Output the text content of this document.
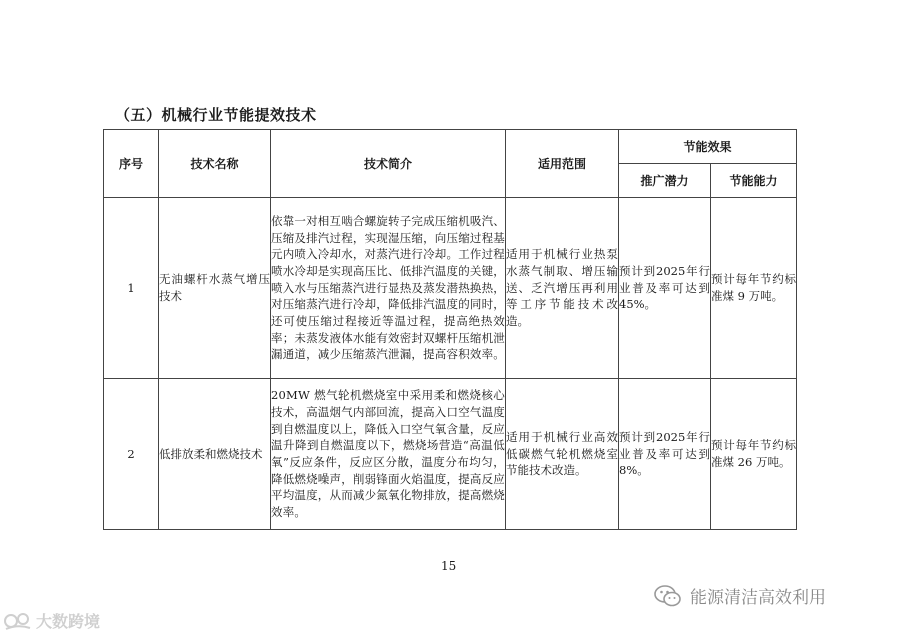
（五）机械行业节能提效技术
序号	技术名称	技术简介	适用范围	节能效果	
				推广潜力	节能能力
1	无油螺杆水蒸气增压技术	依靠一对相互啮合螺旋转子完成压缩机吸汽、压缩及排汽过程，实现湿压缩，向压缩过程基元内喷入冷却水，对蒸汽进行冷却。工作过程喷水冷却是实现高压比、低排汽温度的关键，喷入水与压缩蒸汽进行显热及蒸发潜热换热，对压缩蒸汽进行冷却，降低排汽温度的同时，还可使压缩过程接近等温过程，提高绝热效率；未蒸发液体水能有效密封双螺杆压缩机泄漏通道，减少压缩蒸汽泄漏，提高容积效率。	适用于机械行业热泵水蒸气制取、增压输送、乏汽增压再利用等工序节能技术改造。	预计到2025年行业普及率可达到45%。	预计每年节约标准煤 9 万吨。
2	低排放柔和燃烧技术	20MW 燃气轮机燃烧室中采用柔和燃烧核心技术，高温烟气内部回流，提高入口空气温度到自燃温度以上，降低入口空气氧含量，反应温升降到自燃温度以下，燃烧场营造“高温低氧”反应条件，反应区分散，温度分布均匀，降低燃烧噪声，削弱锋面火焰温度，提高反应平均温度，从而减少氮氧化物排放，提高燃烧效率。	适用于机械行业高效低碳燃气轮机燃烧室节能技术改造。	预计到2025年行业普及率可达到8%。	预计每年节约标准煤 26 万吨。
15
能源清洁高效利用
大数跨境
